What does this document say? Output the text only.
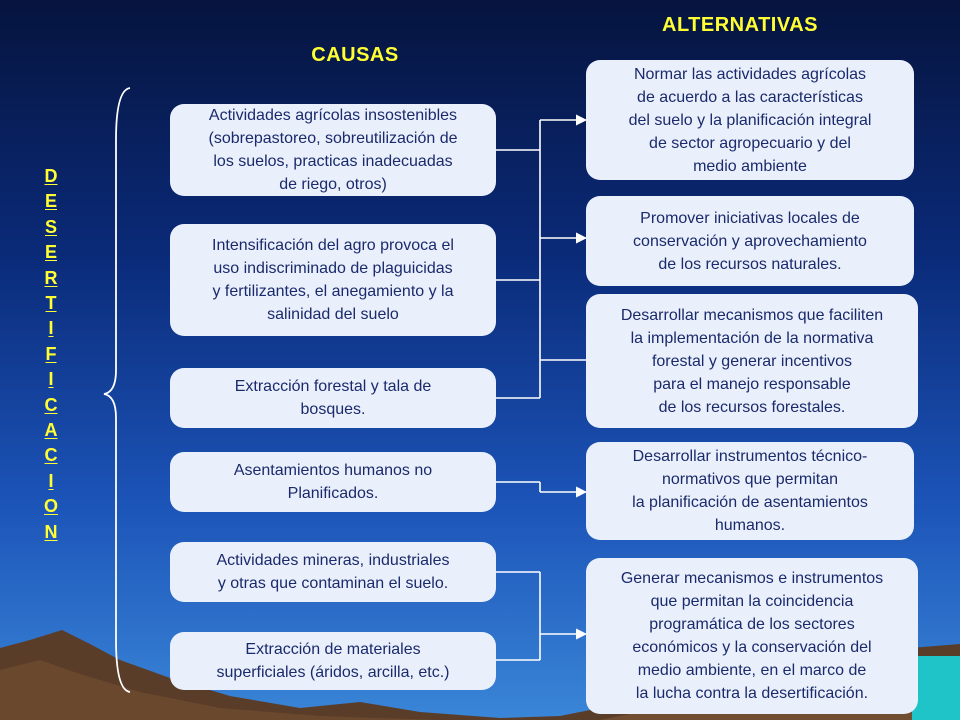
CAUSAS
ALTERNATIVAS
D
E
S
E
R
T
I
F
I
C
A
C
I
O
N
Actividades agrícolas insostenibles
(sobrepastoreo, sobreutilización de
los suelos, practicas inadecuadas
de riego, otros)
Intensificación del agro provoca el
uso indiscriminado de plaguicidas
y fertilizantes, el anegamiento y la
salinidad del suelo
Extracción forestal y tala de
bosques.
Asentamientos humanos no
Planificados.
Actividades mineras, industriales
y otras que contaminan el suelo.
Extracción de materiales
superficiales (áridos, arcilla, etc.)
Normar las actividades agrícolas
de acuerdo a las características
del suelo y la planificación integral
de sector agropecuario y del
medio ambiente
Promover iniciativas locales de
conservación y aprovechamiento
de los recursos naturales.
Desarrollar mecanismos que faciliten
la implementación de la normativa
forestal y generar incentivos
para el manejo responsable
de los recursos forestales.
Desarrollar instrumentos técnico-
normativos que permitan
la planificación de asentamientos
humanos.
Generar mecanismos e instrumentos
que permitan la coincidencia
programática de los sectores
económicos y la conservación del
medio ambiente, en el marco de
la lucha contra la desertificación.
